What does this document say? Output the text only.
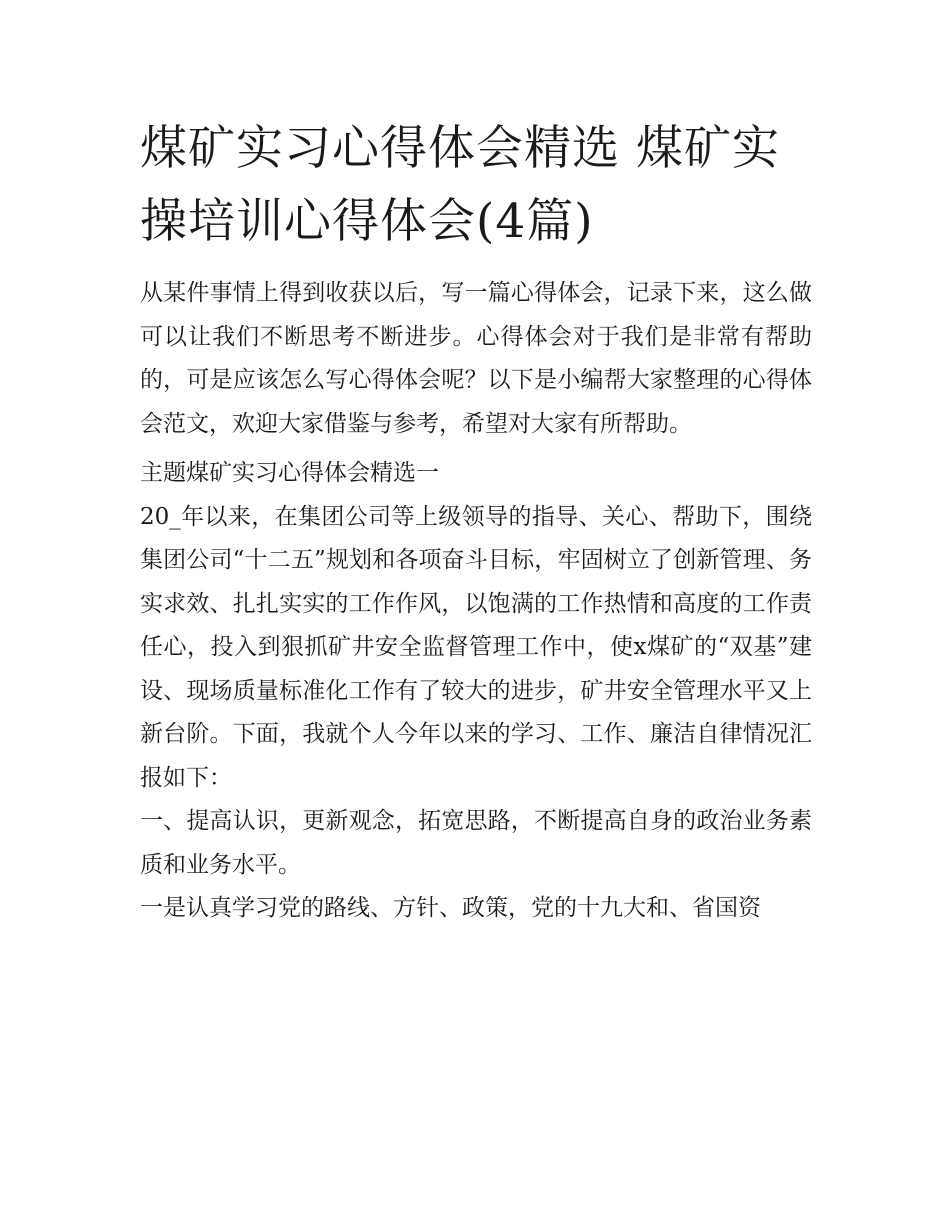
煤矿实习心得体会精选 煤矿实操培训心得体会(4篇)

从某件事情上得到收获以后，写一篇心得体会，记录下来，这么做可以让我们不断思考不断进步。心得体会对于我们是非常有帮助的，可是应该怎么写心得体会呢？以下是小编帮大家整理的心得体会范文，欢迎大家借鉴与参考，希望对大家有所帮助。

主题煤矿实习心得体会精选一

20_年以来，在集团公司等上级领导的指导、关心、帮助下，围绕集团公司“十二五”规划和各项奋斗目标，牢固树立了创新管理、务实求效、扎扎实实的工作作风，以饱满的工作热情和高度的工作责任心，投入到狠抓矿井安全监督管理工作中，使x煤矿的“双基”建设、现场质量标准化工作有了较大的进步，矿井安全管理水平又上新台阶。下面，我就个人今年以来的学习、工作、廉洁自律情况汇报如下：

一、提高认识，更新观念，拓宽思路，不断提高自身的政治业务素质和业务水平。

一是认真学习党的路线、方针、政策，党的十九大和、省国资
